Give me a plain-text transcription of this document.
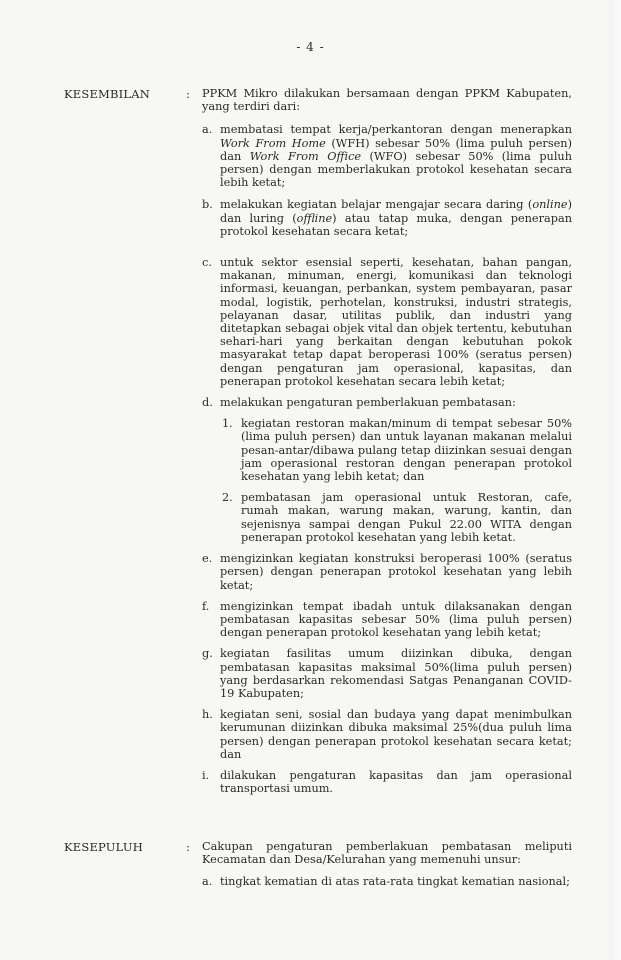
- 4 -
KESEMBILAN	: PPKM Mikro dilakukan bersamaan dengan PPKM Kabupaten, yang terdiri dari:

a. membatasi tempat kerja/perkantoran dengan menerapkan Work From Home (WFH) sebesar 50% (lima puluh persen) dan Work From Office (WFO) sebesar 50% (lima puluh persen) dengan memberlakukan protokol kesehatan secara lebih ketat;
b. melakukan kegiatan belajar mengajar secara daring (online) dan luring (offline) atau tatap muka, dengan penerapan protokol kesehatan secara ketat;
c. untuk sektor esensial seperti, kesehatan, bahan pangan, makanan, minuman, energi, komunikasi dan teknologi informasi, keuangan, perbankan, system pembayaran, pasar modal, logistik, perhotelan, konstruksi, industri strategis, pelayanan dasar, utilitas publik, dan industri yang ditetapkan sebagai objek vital dan objek tertentu, kebutuhan sehari-hari yang berkaitan dengan kebutuhan pokok masyarakat tetap dapat beroperasi 100% (seratus persen) dengan pengaturan jam operasional, kapasitas, dan penerapan protokol kesehatan secara lebih ketat;
d. melakukan pengaturan pemberlakuan pembatasan:
1. kegiatan restoran makan/minum di tempat sebesar 50%(lima puluh persen) dan untuk layanan makanan melalui pesan-antar/dibawa pulang tetap diizinkan sesuai dengan jam operasional restoran dengan penerapan protokol kesehatan yang lebih ketat; dan
2. pembatasan jam operasional untuk Restoran, cafe, rumah makan, warung makan, warung, kantin, dan sejenisnya sampai dengan Pukul 22.00 WITA dengan penerapan protokol kesehatan yang lebih ketat.
e. mengizinkan kegiatan konstruksi beroperasi 100% (seratus persen) dengan penerapan protokol kesehatan yang lebih ketat;
f. mengizinkan tempat ibadah untuk dilaksanakan dengan pembatasan kapasitas sebesar 50% (lima puluh persen) dengan penerapan protokol kesehatan yang lebih ketat;
g. kegiatan fasilitas umum diizinkan dibuka, dengan pembatasan kapasitas maksimal 50%(lima puluh persen) yang berdasarkan rekomendasi Satgas Penanganan COVID-19 Kabupaten;
h. kegiatan seni, sosial dan budaya yang dapat menimbulkan kerumunan diizinkan dibuka maksimal 25%(dua puluh lima persen) dengan penerapan protokol kesehatan secara ketat; dan
i. dilakukan pengaturan kapasitas dan jam operasional transportasi umum.
KESEPULUH	: Cakupan pengaturan pemberlakuan pembatasan meliputi Kecamatan dan Desa/Kelurahan yang memenuhi unsur:

a. tingkat kematian di atas rata-rata tingkat kematian nasional;
